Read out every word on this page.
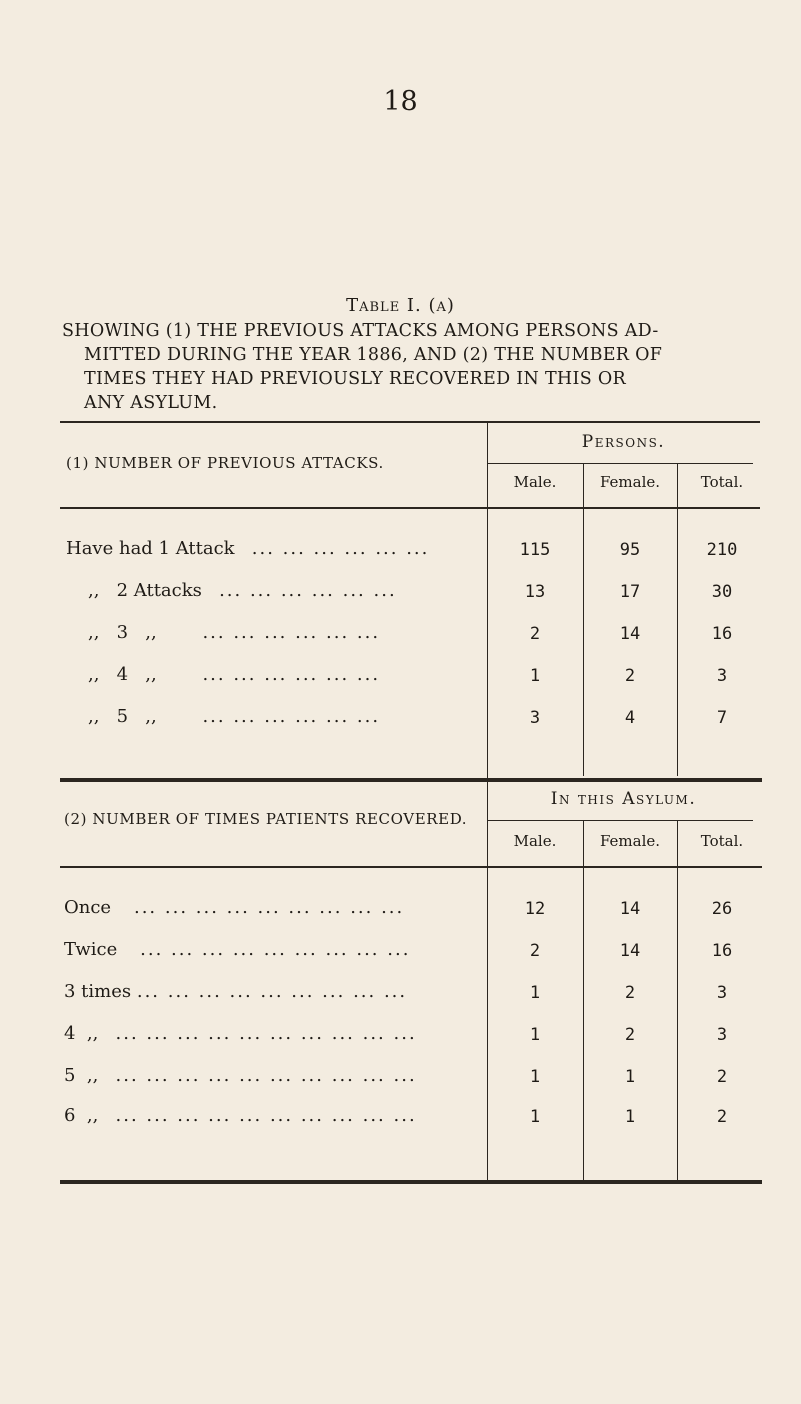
18
Table I. (a)
SHOWING (1) THE PREVIOUS ATTACKS AMONG PERSONS AD-
MITTED DURING THE YEAR 1886, AND (2) THE NUMBER OF
TIMES THEY HAD PREVIOUSLY RECOVERED IN THIS OR
ANY ASYLUM.
(1) NUMBER OF PREVIOUS ATTACKS.
Persons.
Male.	Female.	Total.
Have had 1 Attack ... ... ... ... ... ...	115	95	210
,,   2 Attacks ... ... ... ... ... ...	13	17	30
,,   3   ,,	... ... ... ... ... ...	2	14	16
,,   4   ,,	... ... ... ... ... ...	1	2	3
,,   5   ,,	... ... ... ... ... ...	3	4	7
(2) NUMBER OF TIMES PATIENTS RECOVERED.
In this Asylum.
Male.	Female.	Total.
Once ... ... ... ... ... ... ... ... ...	12	14	26
Twice ... ... ... ... ... ... ... ... ...	2	14	16
3 times ... ... ... ... ... ... ... ... ...	1	2	3
4  ,, ... ... ... ... ... ... ... ... ... ...	1	2	3
5  ,, ... ... ... ... ... ... ... ... ... ...	1	1	2
6  ,, ... ... ... ... ... ... ... ... ... ...	1	1	2
